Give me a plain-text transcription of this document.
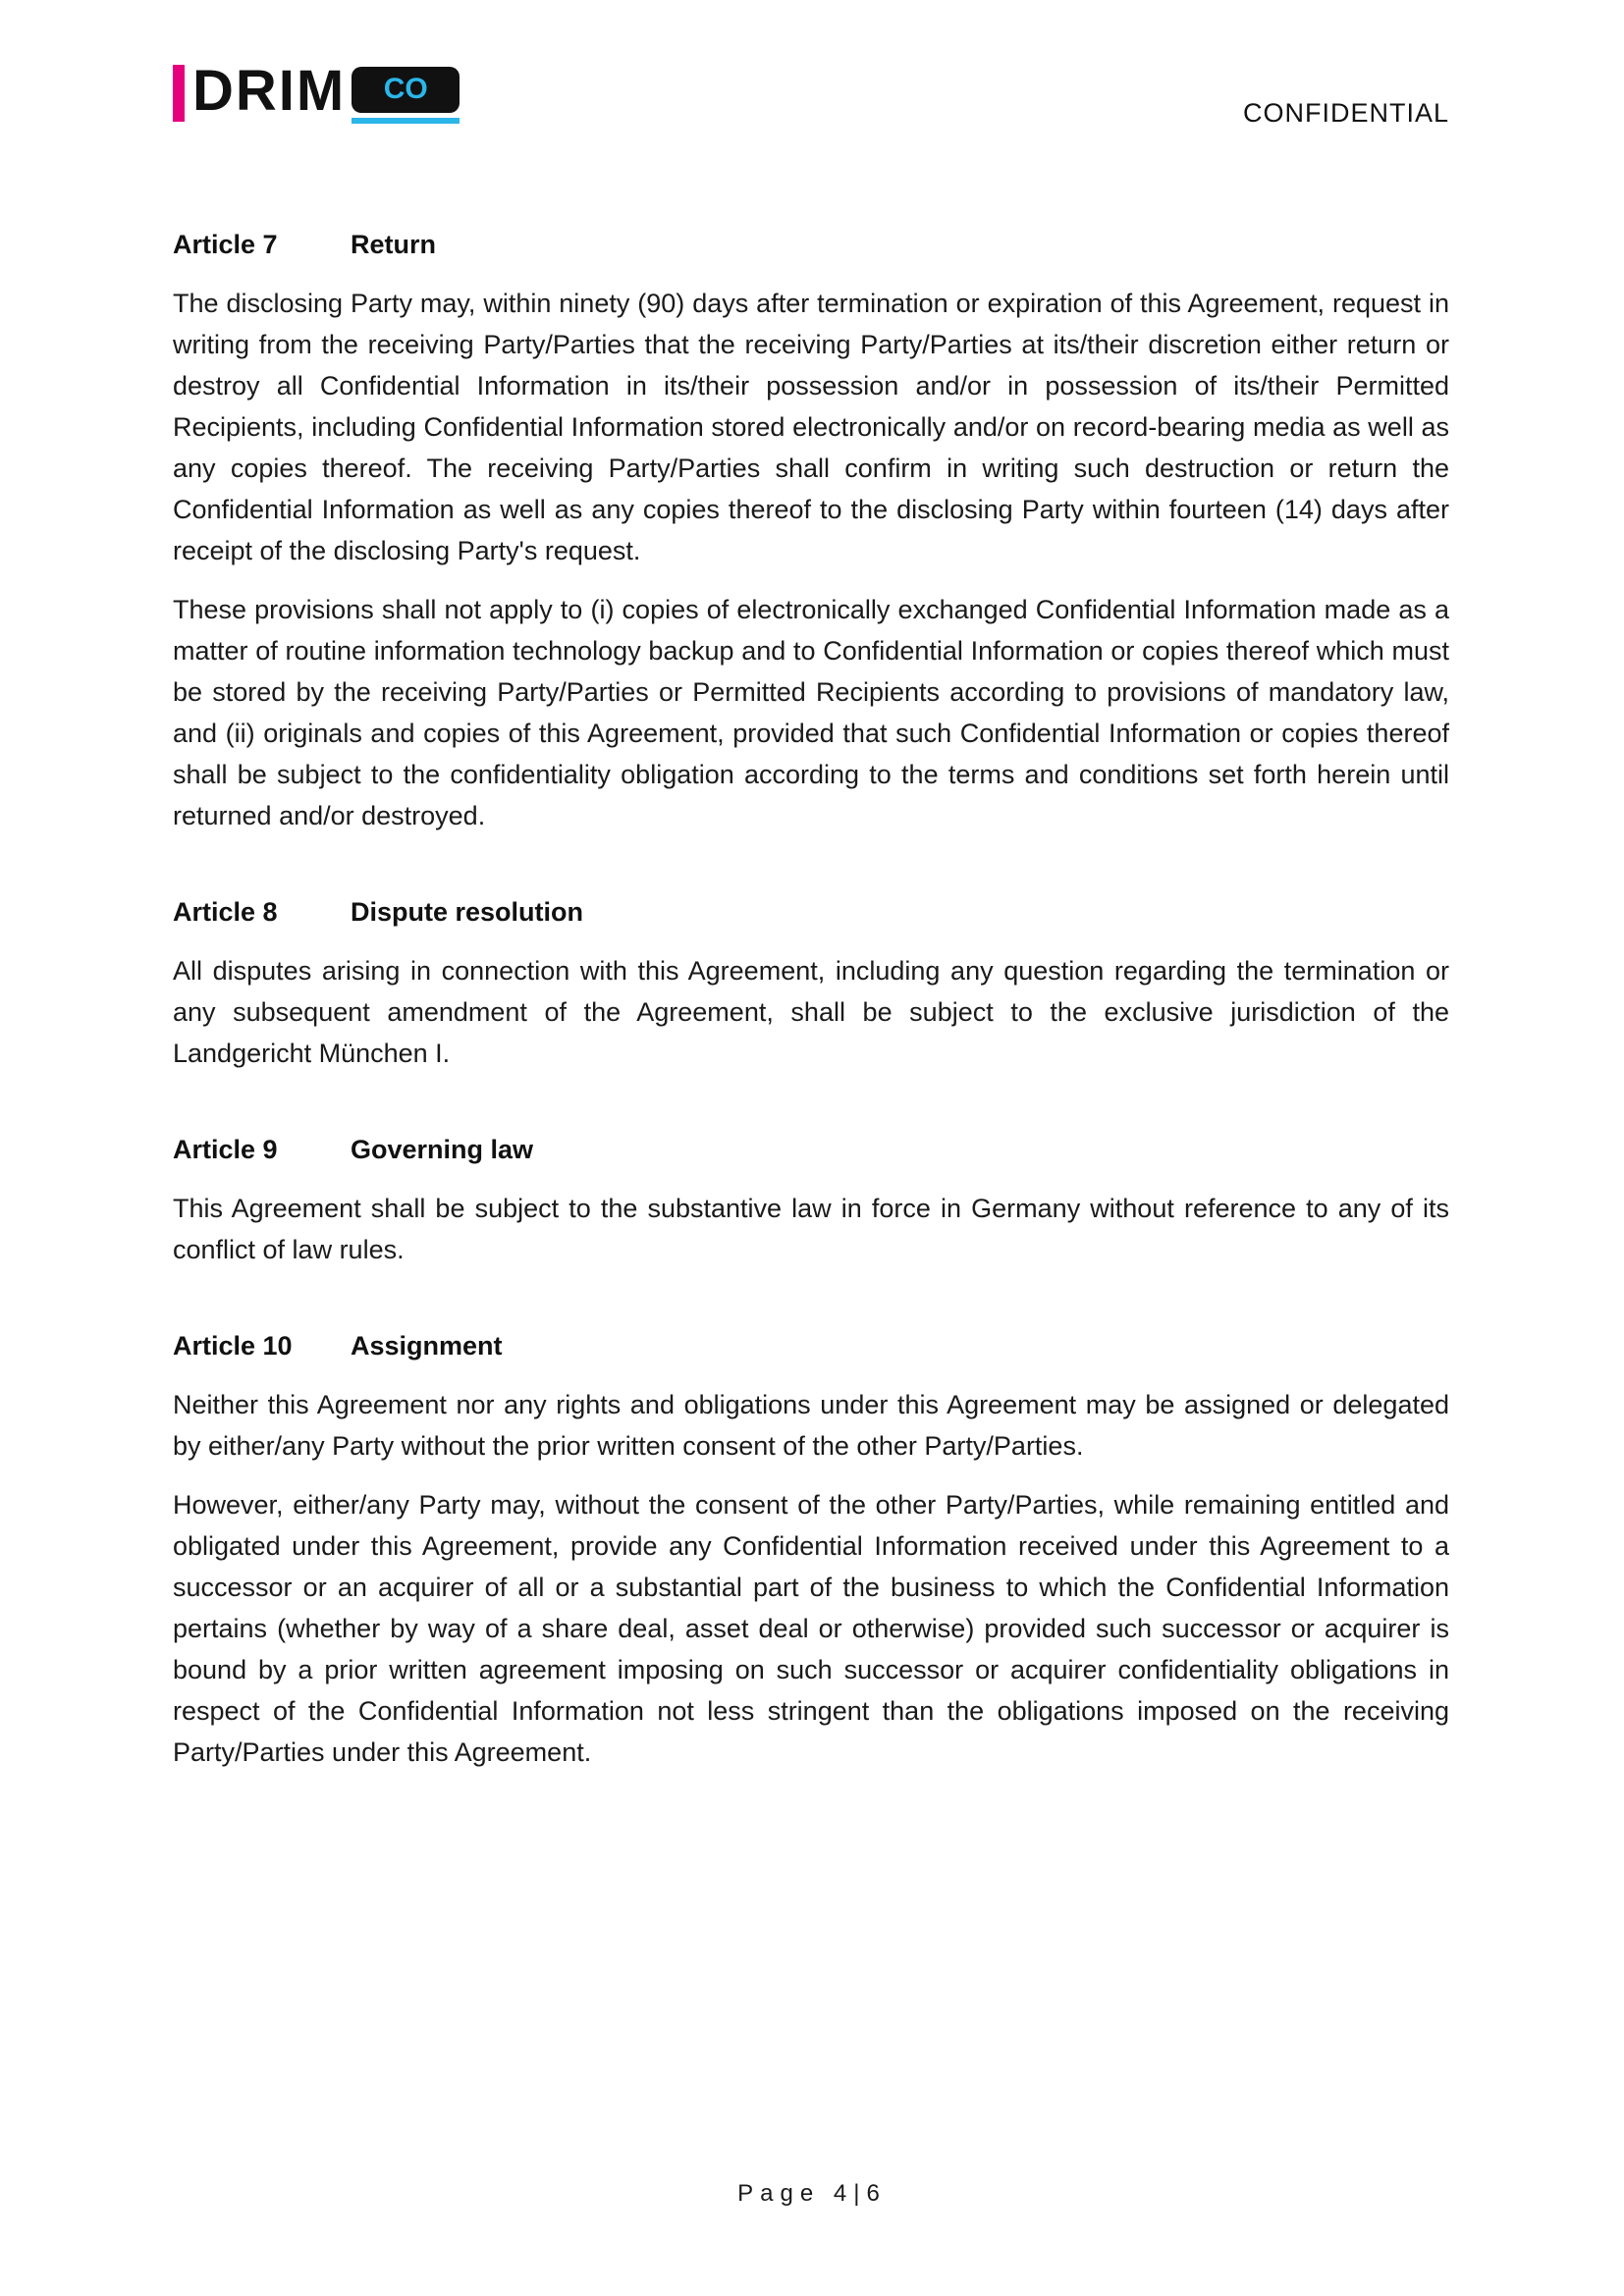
DRIM	CO
CONFIDENTIAL
Article 7	Return

The disclosing Party may, within ninety (90) days after termination or expiration of this Agreement, request in writing from the receiving Party/Parties that the receiving Party/Parties at its/their discretion either return or destroy all Confidential Information in its/their possession and/or in possession of its/their Permitted Recipients, including Confidential Information stored electronically and/or on record-bearing media as well as any copies thereof. The receiving Party/Parties shall confirm in writing such destruction or return the Confidential Information as well as any copies thereof to the disclosing Party within fourteen (14) days after receipt of the disclosing Party's request.

These provisions shall not apply to (i) copies of electronically exchanged Confidential Information made as a matter of routine information technology backup and to Confidential Information or copies thereof which must be stored by the receiving Party/Parties or Permitted Recipients according to provisions of mandatory law, and (ii) originals and copies of this Agreement, provided that such Confidential Information or copies thereof shall be subject to the confidentiality obligation according to the terms and conditions set forth herein until returned and/or destroyed.

Article 8	Dispute resolution

All disputes arising in connection with this Agreement, including any question regarding the termination or any subsequent amendment of the Agreement, shall be subject to the exclusive jurisdiction of the Landgericht München I.

Article 9	Governing law

This Agreement shall be subject to the substantive law in force in Germany without reference to any of its conflict of law rules.

Article 10 Assignment

Neither this Agreement nor any rights and obligations under this Agreement may be assigned or delegated by either/any Party without the prior written consent of the other Party/Parties.

However, either/any Party may, without the consent of the other Party/Parties, while remaining entitled and obligated under this Agreement, provide any Confidential Information received under this Agreement to a successor or an acquirer of all or a substantial part of the business to which the Confidential Information pertains (whether by way of a share deal, asset deal or otherwise) provided such successor or acquirer is bound by a prior written agreement imposing on such successor or acquirer confidentiality obligations in respect of the Confidential Information not less stringent than the obligations imposed on the receiving Party/Parties under this Agreement.

Page 4|6
